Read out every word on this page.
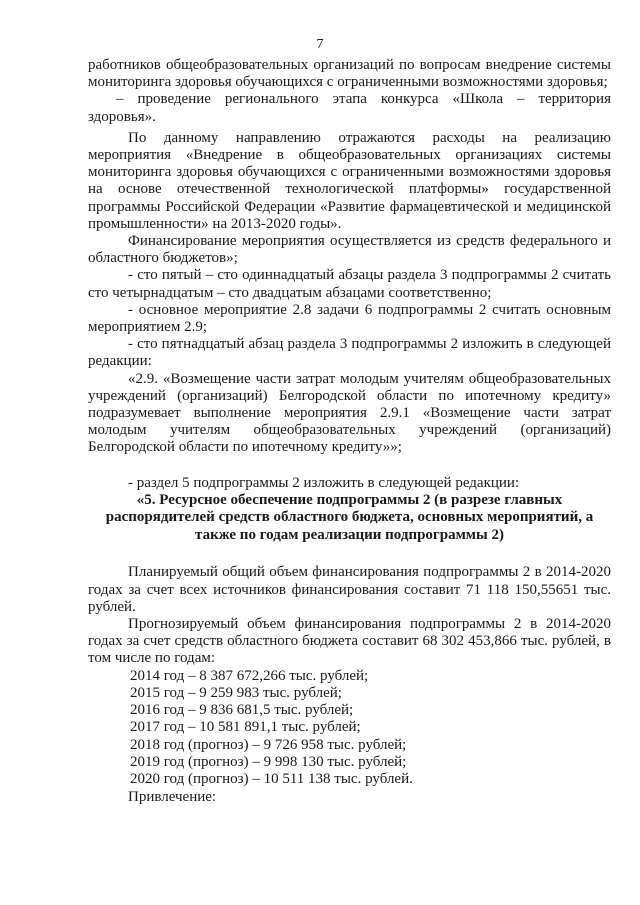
7

работников общеобразовательных организаций по вопросам внедрение системы мониторинга здоровья обучающихся с ограниченными возможностями здоровья;

– проведение регионального этапа конкурса «Школа – территория здоровья».

По данному направлению отражаются расходы на реализацию мероприятия «Внедрение в общеобразовательных организациях системы мониторинга здоровья обучающихся с ограниченными возможностями здоровья на основе отечественной технологической платформы» государственной программы Российской Федерации «Развитие фармацевтической и медицинской промышленности» на 2013-2020 годы».

Финансирование мероприятия осуществляется из средств федерального и областного бюджетов»;

- сто пятый – сто одиннадцатый абзацы раздела 3 подпрограммы 2 считать сто четырнадцатым – сто двадцатым абзацами соответственно;

- основное мероприятие 2.8 задачи 6 подпрограммы 2 считать основным мероприятием 2.9;

- сто пятнадцатый абзац раздела 3 подпрограммы 2 изложить в следующей редакции:

«2.9. «Возмещение части затрат молодым учителям общеобразовательных учреждений (организаций) Белгородской области по ипотечному кредиту» подразумевает выполнение мероприятия 2.9.1 «Возмещение части затрат молодым учителям общеобразовательных учреждений (организаций) Белгородской области по ипотечному кредиту»»;

- раздел 5 подпрограммы 2 изложить в следующей редакции:

«5. Ресурсное обеспечение подпрограммы 2 (в разрезе главных распорядителей средств областного бюджета, основных мероприятий, а также по годам реализации подпрограммы 2)

Планируемый общий объем финансирования подпрограммы 2 в 2014-2020 годах за счет всех источников финансирования составит 71 118 150,55651 тыс. рублей.

Прогнозируемый объем финансирования подпрограммы 2 в 2014-2020 годах за счет средств областного бюджета составит 68 302 453,866 тыс. рублей, в том числе по годам:

2014 год – 8 387 672,266 тыс. рублей;
2015 год – 9 259 983 тыс. рублей;
2016 год – 9 836 681,5 тыс. рублей;
2017 год – 10 581 891,1 тыс. рублей;
2018 год (прогноз) – 9 726 958 тыс. рублей;
2019 год (прогноз) – 9 998 130 тыс. рублей;
2020 год (прогноз) – 10 511 138 тыс. рублей.

Привлечение:
